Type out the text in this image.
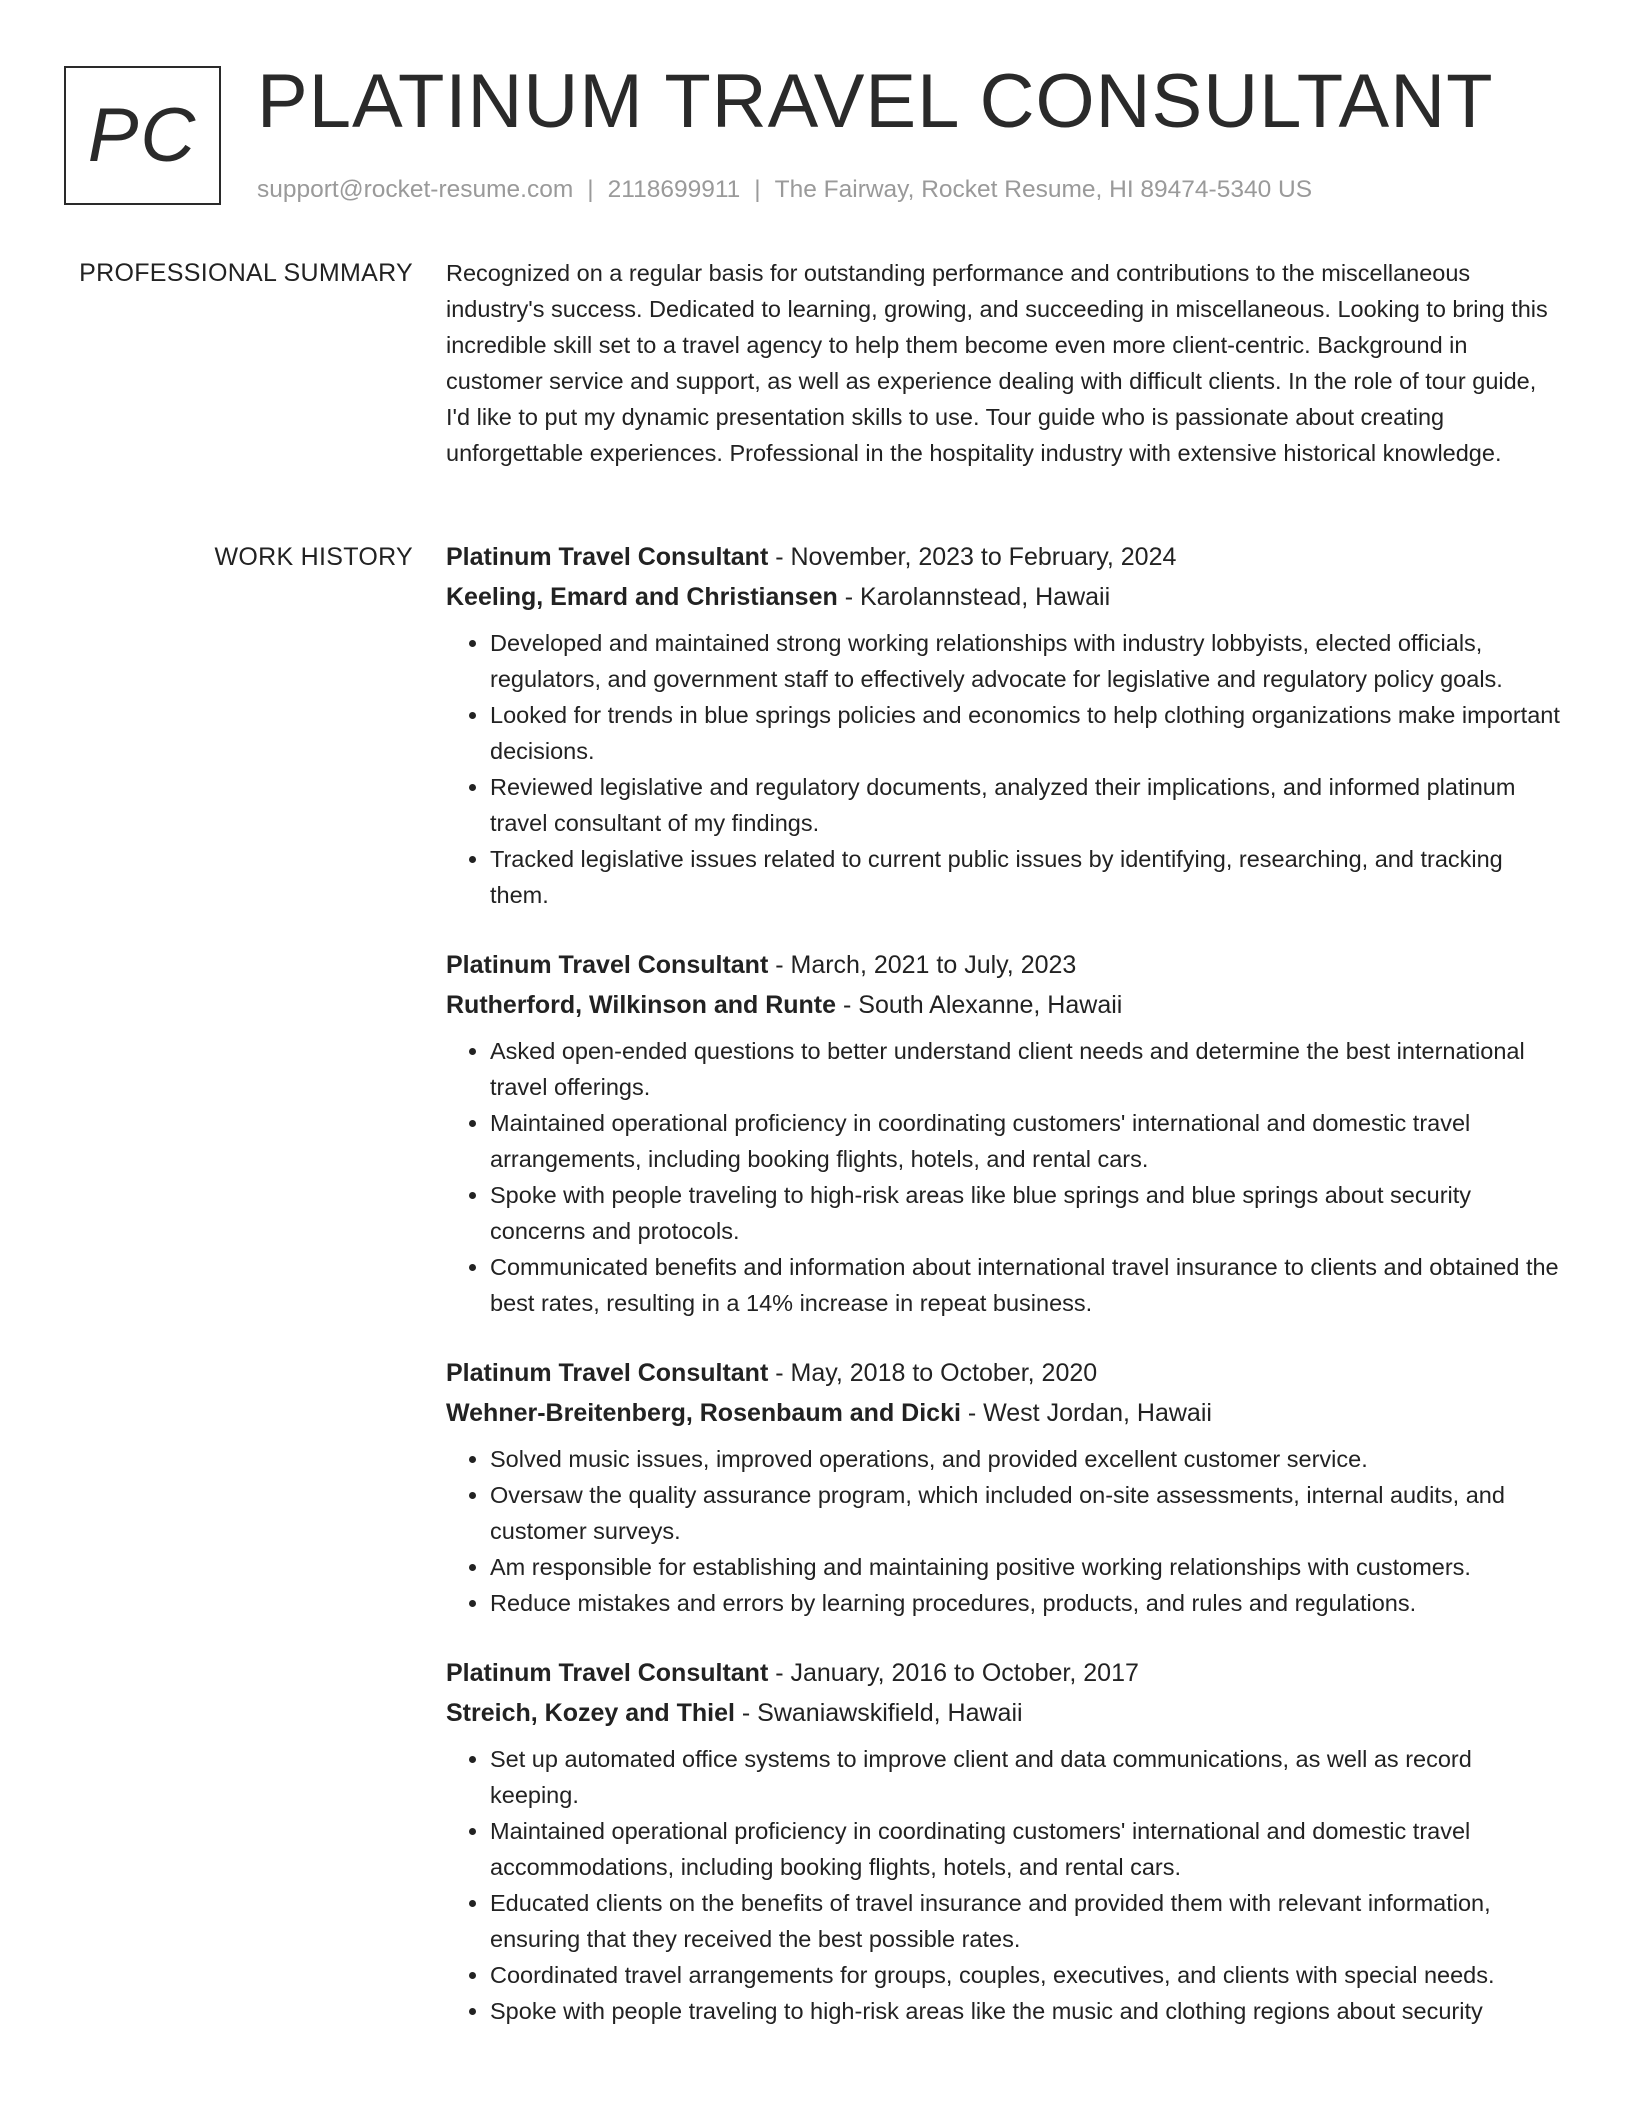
PC PLATINUM TRAVEL CONSULTANT
support@rocket-resume.com | 2118699911 | The Fairway, Rocket Resume, HI 89474-5340 US
PROFESSIONAL SUMMARY Recognized on a regular basis for outstanding performance and contributions to the miscellaneous industry's success. Dedicated to learning, growing, and succeeding in miscellaneous. Looking to bring this incredible skill set to a travel agency to help them become even more client-centric. Background in customer service and support, as well as experience dealing with difficult clients. In the role of tour guide, I'd like to put my dynamic presentation skills to use. Tour guide who is passionate about creating unforgettable experiences. Professional in the hospitality industry with extensive historical knowledge.

WORK HISTORY Platinum Travel Consultant - November, 2023 to February, 2024

Keeling, Emard and Christiansen - Karolannstead, Hawaii

• Developed and maintained strong working relationships with industry lobbyists, elected officials, regulators, and government staff to effectively advocate for legislative and regulatory policy goals.
• Looked for trends in blue springs policies and economics to help clothing organizations make important decisions.
• Reviewed legislative and regulatory documents, analyzed their implications, and informed platinum travel consultant of my findings.
• Tracked legislative issues related to current public issues by identifying, researching, and tracking them.

Platinum Travel Consultant - March, 2021 to July, 2023

Rutherford, Wilkinson and Runte - South Alexanne, Hawaii

• Asked open-ended questions to better understand client needs and determine the best international travel offerings.
• Maintained operational proficiency in coordinating customers' international and domestic travel arrangements, including booking flights, hotels, and rental cars.
• Spoke with people traveling to high-risk areas like blue springs and blue springs about security concerns and protocols.
• Communicated benefits and information about international travel insurance to clients and obtained the best rates, resulting in a 14% increase in repeat business.

Platinum Travel Consultant - May, 2018 to October, 2020

Wehner-Breitenberg, Rosenbaum and Dicki - West Jordan, Hawaii

• Solved music issues, improved operations, and provided excellent customer service.
• Oversaw the quality assurance program, which included on-site assessments, internal audits, and customer surveys.
• Am responsible for establishing and maintaining positive working relationships with customers.
• Reduce mistakes and errors by learning procedures, products, and rules and regulations.

Platinum Travel Consultant - January, 2016 to October, 2017

Streich, Kozey and Thiel - Swaniawskifield, Hawaii

• Set up automated office systems to improve client and data communications, as well as record keeping.
• Maintained operational proficiency in coordinating customers' international and domestic travel accommodations, including booking flights, hotels, and rental cars.
• Educated clients on the benefits of travel insurance and provided them with relevant information, ensuring that they received the best possible rates.
• Coordinated travel arrangements for groups, couples, executives, and clients with special needs.
• Spoke with people traveling to high-risk areas like the music and clothing regions about security
